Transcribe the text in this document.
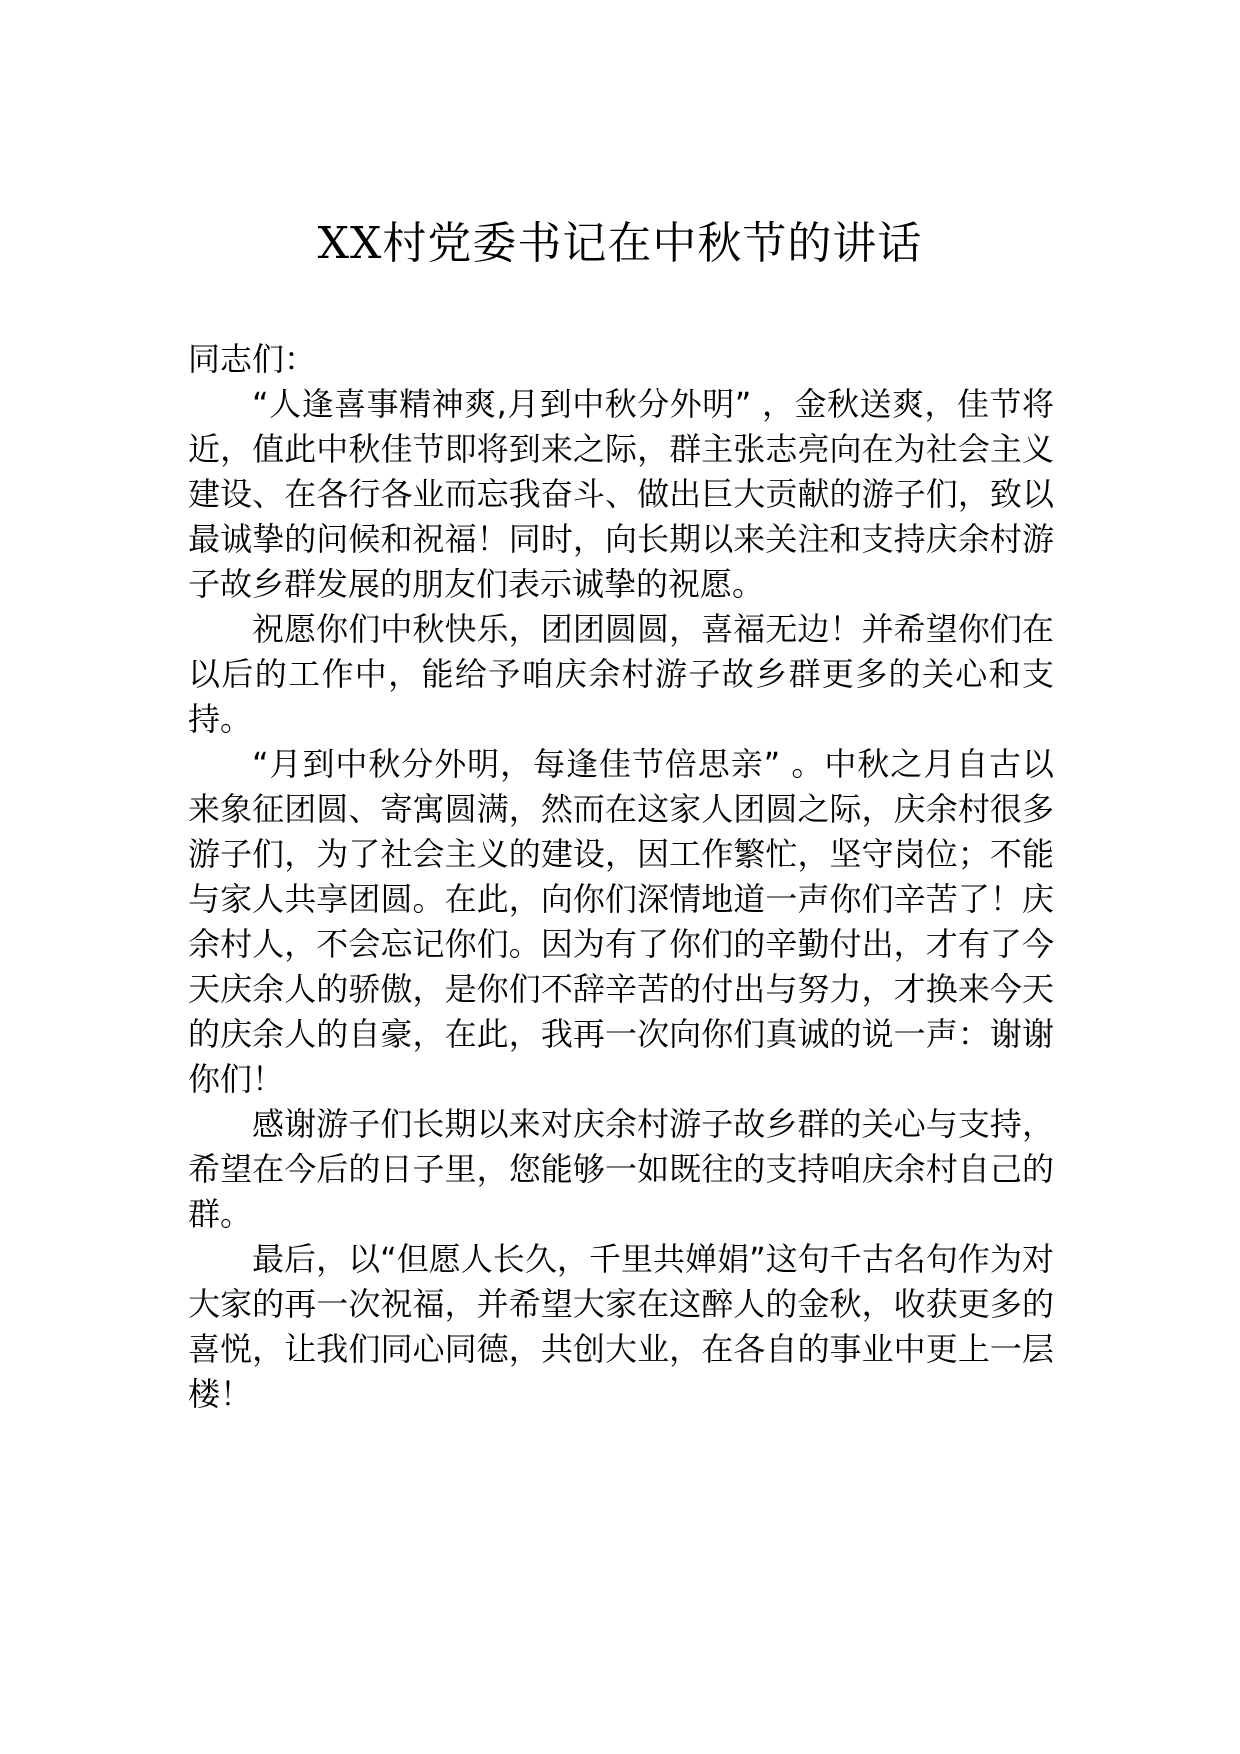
XX村党委书记在中秋节的讲话

同志们：

“人逢喜事精神爽,月到中秋分外明” ，金秋送爽，佳节将近，值此中秋佳节即将到来之际，群主张志亮向在为社会主义建设、在各行各业而忘我奋斗、做出巨大贡献的游子们，致以最诚挚的问候和祝福！同时，向长期以来关注和支持庆余村游子故乡群发展的朋友们表示诚挚的祝愿。

祝愿你们中秋快乐，团团圆圆，喜福无边！并希望你们在以后的工作中，能给予咱庆余村游子故乡群更多的关心和支持。

“月到中秋分外明，每逢佳节倍思亲” 。中秋之月自古以来象征团圆、寄寓圆满，然而在这家人团圆之际，庆余村很多游子们，为了社会主义的建设，因工作繁忙，坚守岗位；不能与家人共享团圆。在此，向你们深情地道一声你们辛苦了！庆余村人，不会忘记你们。因为有了你们的辛勤付出，才有了今天庆余人的骄傲，是你们不辞辛苦的付出与努力，才换来今天的庆余人的自豪，在此，我再一次向你们真诚的说一声：谢谢你们！

感谢游子们长期以来对庆余村游子故乡群的关心与支持，希望在今后的日子里，您能够一如既往的支持咱庆余村自己的群。

最后，以“但愿人长久，千里共婵娟”这句千古名句作为对大家的再一次祝福，并希望大家在这醉人的金秋，收获更多的喜悦，让我们同心同德，共创大业，在各自的事业中更上一层楼！
